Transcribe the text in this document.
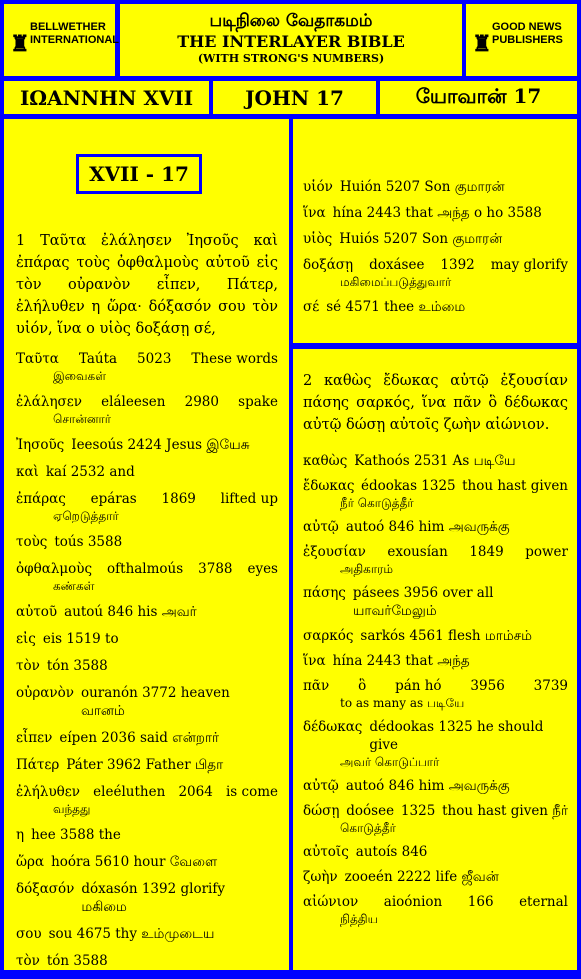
♜
BELLWETHER INTERNATIONAL
படிநிலை வேதாகமம்
THE INTERLAYER BIBLE
(WITH STRONG'S NUMBERS)
♜
GOOD NEWS PUBLISHERS
ΙΩΑΝΝΗΝ XVII	JOHN 17	யோவான் 17
XVII - 17
1 Ταῦτα ἐλάλησεν Ἰησοῦς καὶ ἐπάρας τοὺς ὀφθαλμοὺς αὐτοῦ εἰς τὸν οὐρανὸν εἶπεν, Πάτερ, ἐλήλυθεν η ὥρα· δόξασόν σου τὸν υἱόν, ἵνα ο υἱὸς δοξάσῃ σέ,
Ταῦτα Taúta 5023 These words
இவைகள்
ἐλάλησεν eláleesen 2980 spake
சொன்னார்
Ἰησοῦς Ieesoús 2424 Jesus இயேசு
καὶ kaí 2532 and
ἐπάρας epáras 1869 lifted up
ஏறெடுத்தார்
τοὺς toús 3588
ὀφθαλμοὺς ofthalmoús 3788 eyes
கண்கள்
αὐτοῦ autoú 846 his அவர்
εἰς eis 1519 to
τὸν tón 3588
οὐρανὸν ouranón 3772 heaven வானம்
εἶπεν eípen 2036 said என்றார்
Πάτερ Páter 3962 Father பிதா
ἐλήλυθεν eleéluthen 2064 is come
வந்தது
η hee 3588 the
ὥρα hoóra 5610 hour வேளை
δόξασόν dóxasón 1392 glorify மகிமை
σου sou 4675 thy உம்முடைய
τὸν tón 3588
υἱόν Huión 5207 Son குமாரன்
ἵνα hína 2443 that அந்த ο ho 3588
υἱὸς Huiós 5207 Son குமாரன்
δοξάσῃ doxásee 1392 may glorify
மகிமைப்படுத்துவார்
σέ sé 4571 thee உம்மை
2 καθὼς ἔδωκας αὐτῷ ἐξουσίαν πάσης σαρκός, ἵνα πᾶν ὃ δέδωκας αὐτῷ δώσῃ αὐτοῖς ζωὴν αἰώνιον.
καθὼς Kathoós 2531 As படியே
ἔδωκας édookas 1325 thou hast given
நீர் கொடுத்தீர்
αὐτῷ autoó 846 him அவருக்கு
ἐξουσίαν exousían 1849 power
அதிகாரம்
πάσης pásees 3956 over all யாவர்மேலும்
σαρκός sarkós 4561 flesh மாம்சம்
ἵνα hína 2443 that அந்த
πᾶν ὃ pán hó 3956 3739
to as many as படியே
δέδωκας dédookas 1325 he should give
அவர் கொடுப்பார்
αὐτῷ autoó 846 him அவருக்கு
δώσῃ doósee 1325 thou hast given நீர்
கொடுத்தீர்
αὐτοῖς autoís 846
ζωὴν zooeén 2222 life ஜீவன்
αἰώνιον aioónion 166 eternal
நித்திய
